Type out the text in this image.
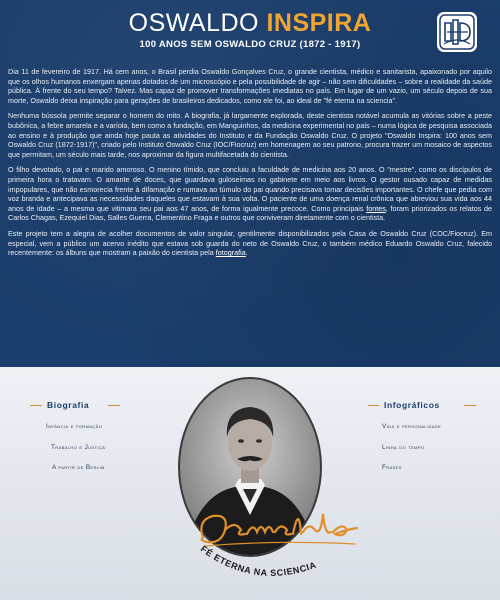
OSWALDO INSPIRA
100 ANOS SEM OSWALDO CRUZ (1872 - 1917)

Dia 11 de fevereiro de 1917. Há cem anos, o Brasil perdia Oswaldo Gonçalves Cruz, o grande cientista, médico e sanitarista, apaixonado por aquilo que os olhos humanos enxergam apenas dotados de um microscópio e pela possibilidade de agir – não sem dificuldades – sobre a realidade da saúde pública. À frente do seu tempo? Talvez. Mas capaz de promover transformações imediatas no país. Em lugar de um vazio, um século depois de sua morte, Oswaldo deixa inspiração para gerações de brasileiros dedicados, como ele foi, ao ideal de "fé eterna na sciencia".

Nenhuma bússola permite separar o homem do mito. A biografia, já largamente explorada, deste cientista notável acumula as vitórias sobre a peste bubônica, a febre amarela e a varíola, bem como a fundação, em Manguinhos, da medicina experimental no país – numa lógica de pesquisa associada ao ensino e à produção que ainda hoje pauta as atividades do Instituto e da Fundação Oswaldo Cruz. O projeto "Oswaldo Inspira: 100 anos sem Oswaldo Cruz (1872-1917)", criado pelo Instituto Oswaldo Cruz (IOC/Fiocruz) em homenagem ao seu patrono, procura trazer um mosaico de aspectos que permitam, um século mais tarde, nos aproximar da figura multifacetada do cientista.

O filho devotado, o pai e marido amoroso. O menino tímido, que concluiu a faculdade de medicina aos 20 anos. O "mestre", como os discípulos de primeira hora o tratavam. O amante de doces, que guardava guloseimas no gabinete em meio aos livros. O gestor ousado capaz de medidas impopulares, que não esmorecia frente à difamação e rumava ao túmulo do pai quando precisava tomar decisões importantes. O chefe que pedia com voz branda e antecipava as necessidades daqueles que estavam à sua volta. O paciente de uma doença renal crônica que abreviou sua vida aos 44 anos de idade – a mesma que vitimara seu pai aos 47 anos, de forma igualmente precoce. Como principais fontes, foram priorizados os relatos de Carlos Chagas, Ezequiel Dias, Salles Guerra, Clementino Fraga e outros que conviveram diretamente com o cientista.

Este projeto tem a alegria de acolher documentos de valor singular, gentilmente disponibilizados pela Casa de Oswaldo Cruz (COC/Fiocruz). Em especial, vem a público um acervo inédito que estava sob guarda do neto de Oswaldo Cruz, o também médico Eduardo Oswaldo Cruz, falecido recentemente: os álbuns que mostram a paixão do cientista pela fotografia.

Biografia
Infância e formação
Trabalho e Justiça
A partir de Berlim
Infográficos
Vida e personalidade
Linha do tempo
Frases
FÉ ETERNA NA SCIENCIA
